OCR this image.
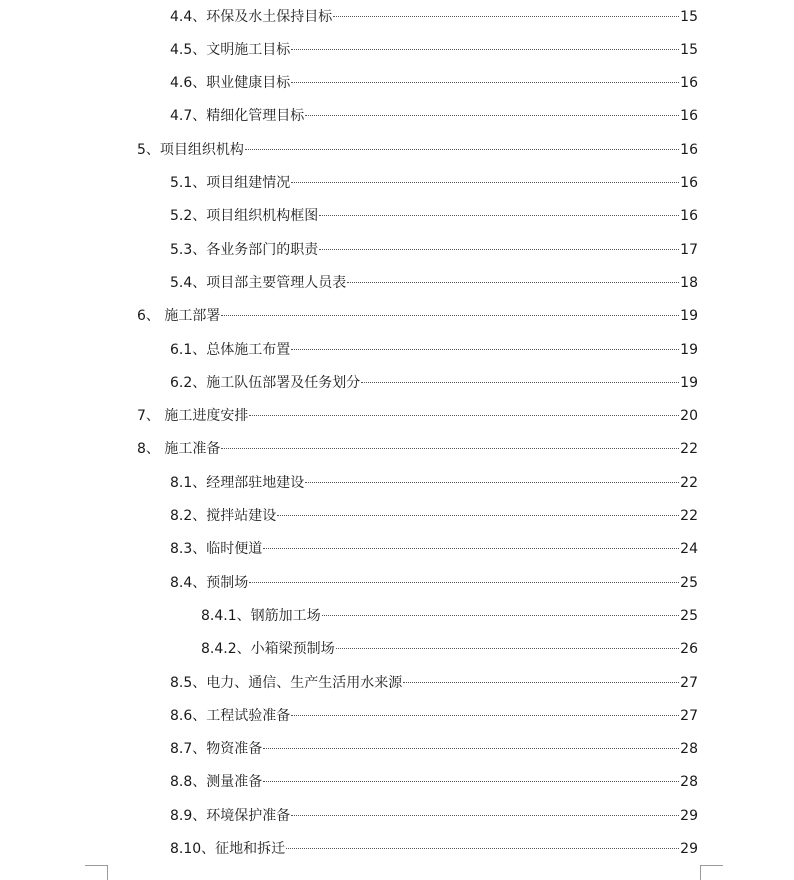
4.4、环保及水土保持目标	15
4.5、文明施工目标	15
4.6、职业健康目标	16
4.7、精细化管理目标	16
5、项目组织机构	16
5.1、项目组建情况	16
5.2、项目组织机构框图	16
5.3、各业务部门的职责	17
5.4、项目部主要管理人员表	18
6、 施工部署	19
6.1、总体施工布置	19
6.2、施工队伍部署及任务划分	19
7、 施工进度安排	20
8、 施工准备	22
8.1、经理部驻地建设	22
8.2、搅拌站建设	22
8.3、临时便道	24
8.4、预制场	25
8.4.1、钢筋加工场	25
8.4.2、小箱梁预制场	26
8.5、电力、通信、生产生活用水来源	27
8.6、工程试验准备	27
8.7、物资准备	28
8.8、测量准备	28
8.9、环境保护准备	29
8.10、征地和拆迁	29
